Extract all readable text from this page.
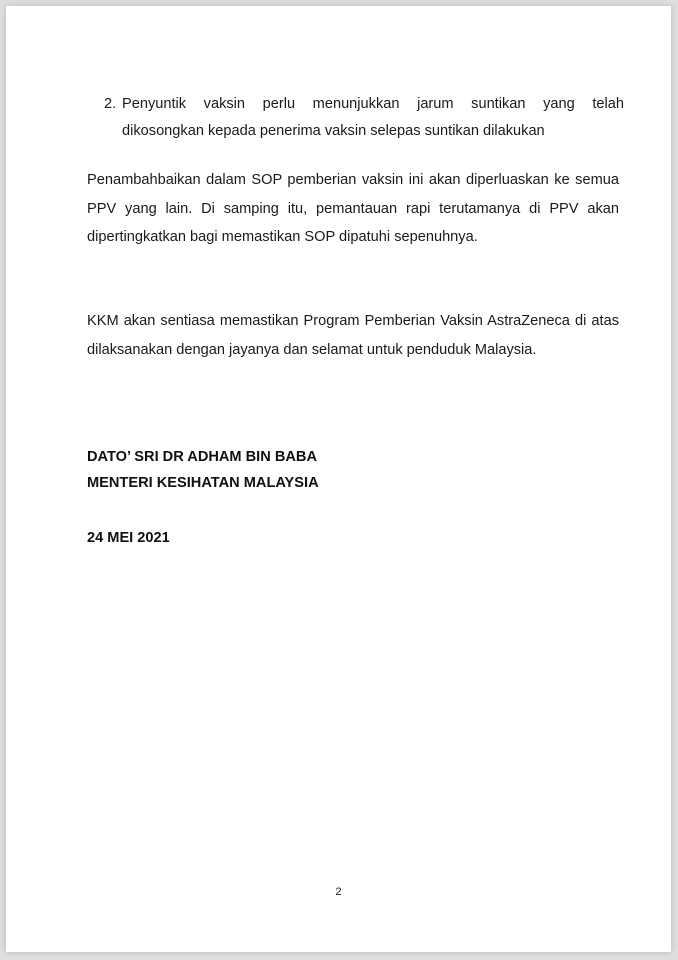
2. Penyuntik vaksin perlu menunjukkan jarum suntikan yang telah
dikosongkan kepada penerima vaksin selepas suntikan dilakukan
Penambahbaikan dalam SOP pemberian vaksin ini akan diperluaskan ke semua PPV yang lain. Di samping itu, pemantauan rapi terutamanya di PPV akan dipertingkatkan bagi memastikan SOP dipatuhi sepenuhnya.
KKM akan sentiasa memastikan Program Pemberian Vaksin AstraZeneca di atas dilaksanakan dengan jayanya dan selamat untuk penduduk Malaysia.
DATO’ SRI DR ADHAM BIN BABA
MENTERI KESIHATAN MALAYSIA
24 MEI 2021
2
